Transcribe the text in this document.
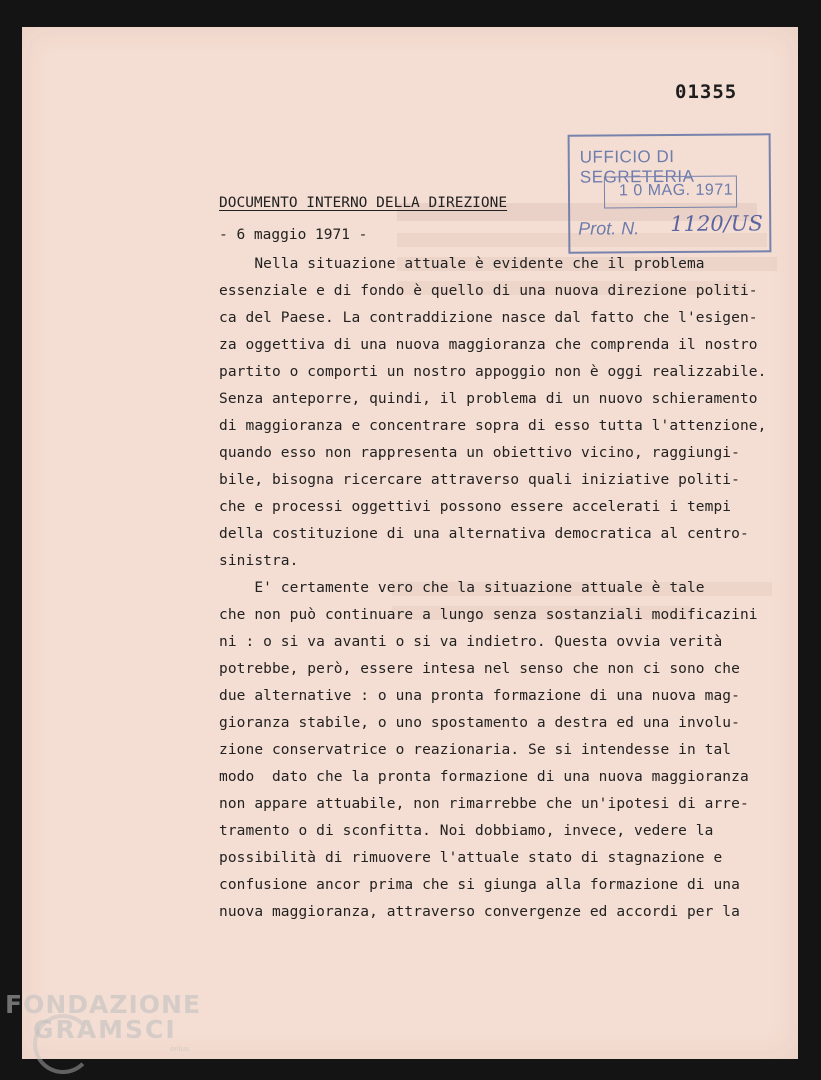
01355
UFFICIO DI SEGRETERIA
1 0 MAG. 1971
Prot. N. 1120/US
DOCUMENTO INTERNO DELLA DIREZIONE
- 6 maggio 1971 -
Nella situazione attuale è evidente che il problema
essenziale e di fondo è quello di una nuova direzione politi-
ca del Paese. La contraddizione nasce dal fatto che l'esigen-
za oggettiva di una nuova maggioranza che comprenda il nostro
partito o comporti un nostro appoggio non è oggi realizzabile.
Senza anteporre, quindi, il problema di un nuovo schieramento
di maggioranza e concentrare sopra di esso tutta l'attenzione,
quando esso non rappresenta un obiettivo vicino, raggiungi-
bile, bisogna ricercare attraverso quali iniziative politi-
che e processi oggettivi possono essere accelerati i tempi
della costituzione di una alternativa democratica al centro-
sinistra.
E' certamente vero che la situazione attuale è tale
che non può continuare a lungo senza sostanziali modificazini
ni : o si va avanti o si va indietro. Questa ovvia verità
potrebbe, però, essere intesa nel senso che non ci sono che
due alternative : o una pronta formazione di una nuova mag-
gioranza stabile, o uno spostamento a destra ed una involu-
zione conservatrice o reazionaria. Se si intendesse in tal
modo  dato che la pronta formazione di una nuova maggioranza
non appare attuabile, non rimarrebbe che un'ipotesi di arre-
tramento o di sconfitta. Noi dobbiamo, invece, vedere la
possibilità di rimuovere l'attuale stato di stagnazione e
confusione ancor prima che si giunga alla formazione di una
nuova maggioranza, attraverso convergenze ed accordi per la
FONDAZIONE
GRAMSCI
onlus
